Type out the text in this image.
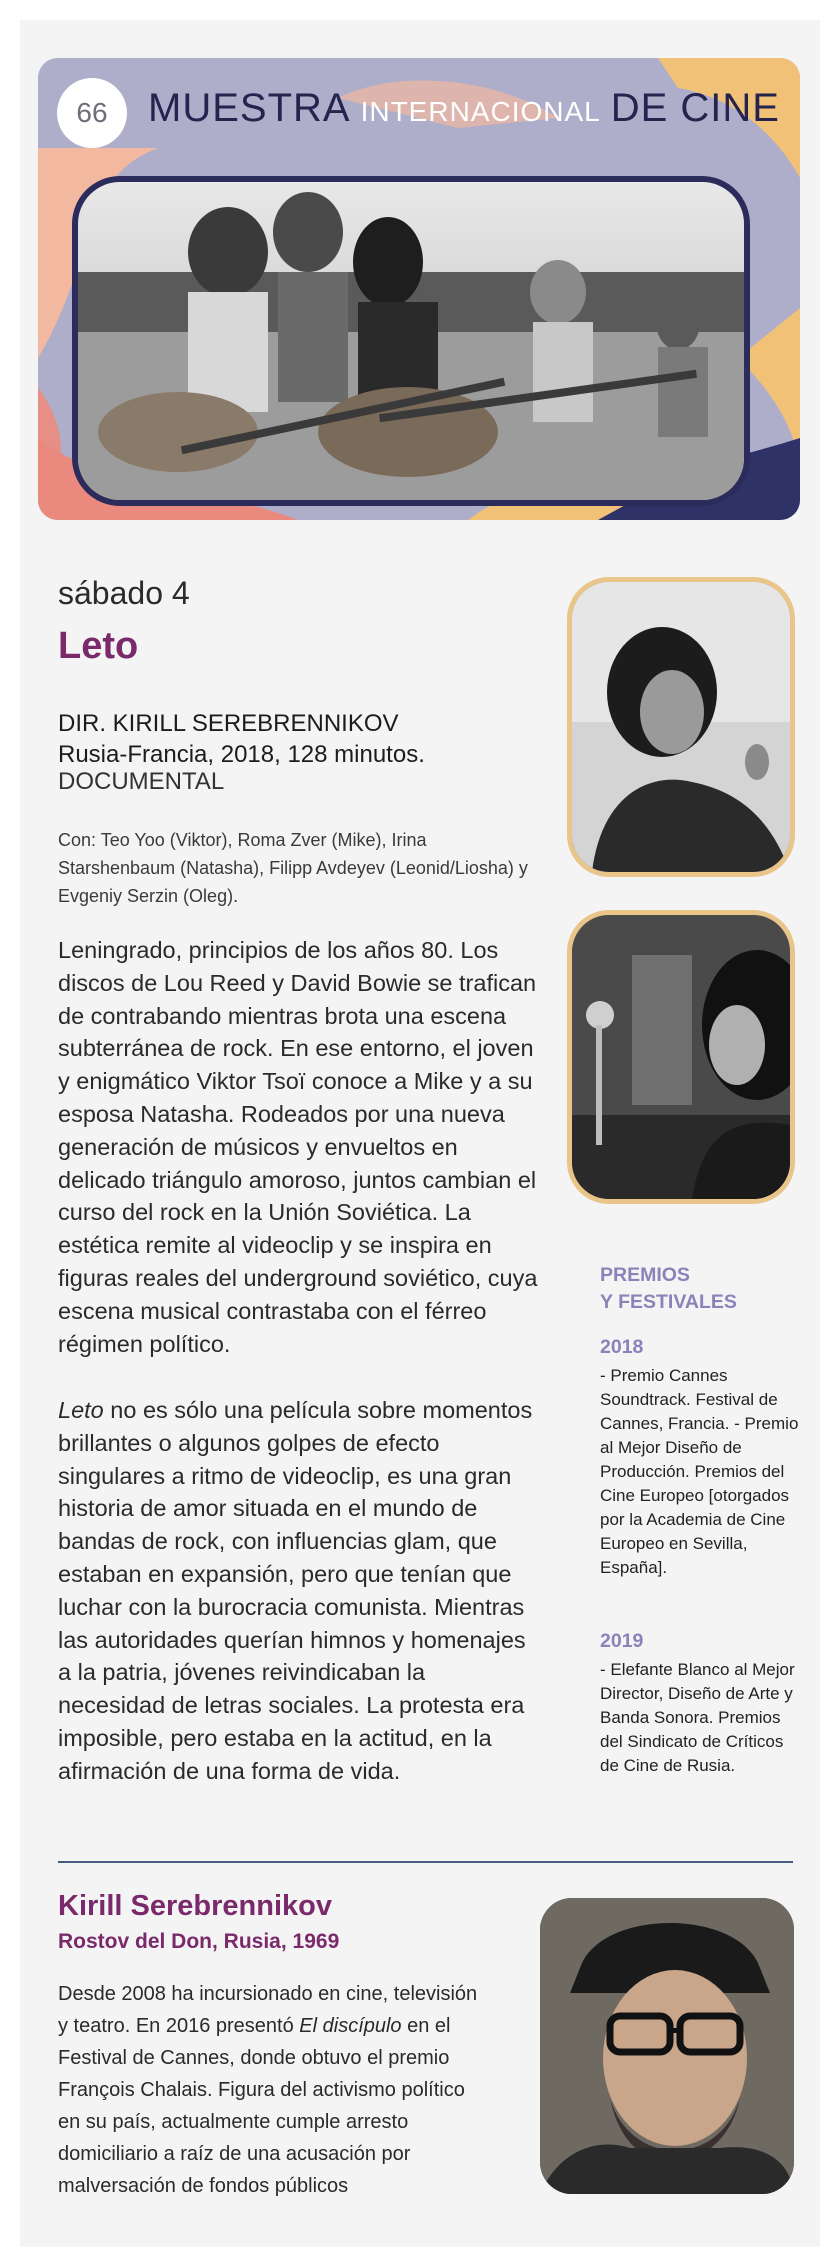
66	MUESTRA INTERNACIONAL DE CINE
sábado 4
Leto
DIR. KIRILL SEREBRENNIKOV
Rusia-Francia, 2018, 128 minutos.
DOCUMENTAL
Con: Teo Yoo (Viktor), Roma Zver (Mike), Irina Starshenbaum (Natasha), Filipp Avdeyev (Leonid/Liosha) y Evgeniy Serzin (Oleg).
Leningrado, principios de los años 80. Los discos de Lou Reed y David Bowie se trafican de contrabando mientras brota una escena subterránea de rock. En ese entorno, el joven y enigmático Viktor Tsoï conoce a Mike y a su esposa Natasha. Rodeados por una nueva generación de músicos y envueltos en delicado triángulo amoroso, juntos cambian el curso del rock en la Unión Soviética. La estética remite al videoclip y se inspira en figuras reales del underground soviético, cuya escena musical contrastaba con el férreo régimen político.
Leto no es sólo una película sobre momentos brillantes o algunos golpes de efecto singulares a ritmo de videoclip, es una gran historia de amor situada en el mundo de bandas de rock, con influencias glam, que estaban en expansión, pero que tenían que luchar con la burocracia comunista. Mientras las autoridades querían himnos y homenajes a la patria, jóvenes reivindicaban la necesidad de letras sociales. La protesta era imposible, pero estaba en la actitud, en la afirmación de una forma de vida.
PREMIOS
Y FESTIVALES
2018
- Premio Cannes Soundtrack. Festival de Cannes, Francia. - Premio al Mejor Diseño de Producción. Premios del Cine Europeo [otorgados por la Academia de Cine Europeo en Sevilla, España].
2019
- Elefante Blanco al Mejor Director, Diseño de Arte y Banda Sonora. Premios del Sindicato de Críticos de Cine de Rusia.
Kirill Serebrennikov
Rostov del Don, Rusia, 1969
Desde 2008 ha incursionado en cine, televisión y teatro. En 2016 presentó El discípulo en el Festival de Cannes, donde obtuvo el premio François Chalais. Figura del activismo político en su país, actualmente cumple arresto domiciliario a raíz de una acusación por malversación de fondos públicos
